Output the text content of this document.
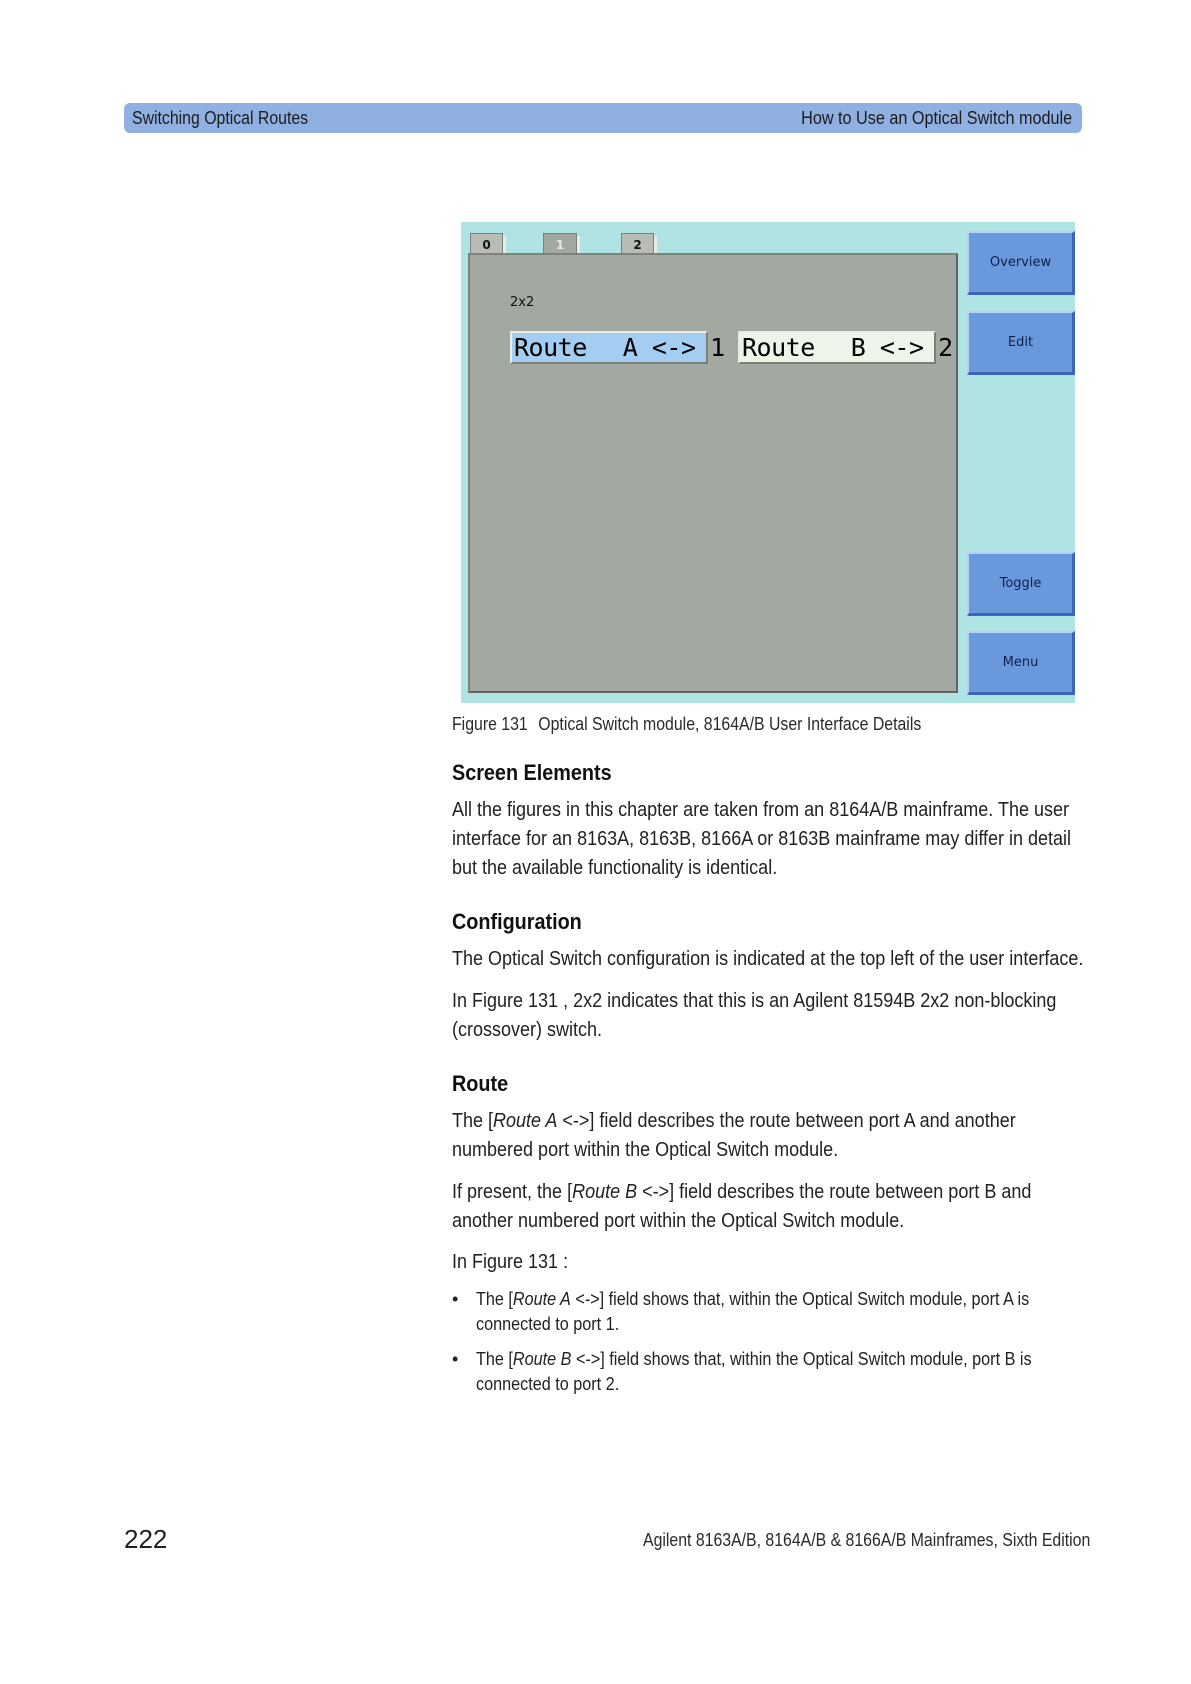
Switching Optical Routes	How to Use an Optical Switch module
0	1	2
2x2
Route A <-> 1 Route B <-> 2
Overview
Edit
Toggle
Menu
Figure 131 Optical Switch module, 8164A/B User Interface Details
Screen Elements

All the figures in this chapter are taken from an 8164A/B mainframe. The user interface for an 8163A, 8163B, 8166A or 8163B mainframe may differ in detail but the available functionality is identical.

Configuration

The Optical Switch configuration is indicated at the top left of the user interface.

In Figure 131 , 2x2 indicates that this is an Agilent 81594B 2x2 non-blocking (crossover) switch.

Route

The [Route A <->] field describes the route between port A and another numbered port within the Optical Switch module.

If present, the [Route B <->] field describes the route between port B and another numbered port within the Optical Switch module.

In Figure 131 :

• The [Route A <->] field shows that, within the Optical Switch module, port A is connected to port 1.
• The [Route B <->] field shows that, within the Optical Switch module, port B is connected to port 2.
222	Agilent 8163A/B, 8164A/B & 8166A/B Mainframes, Sixth Edition
